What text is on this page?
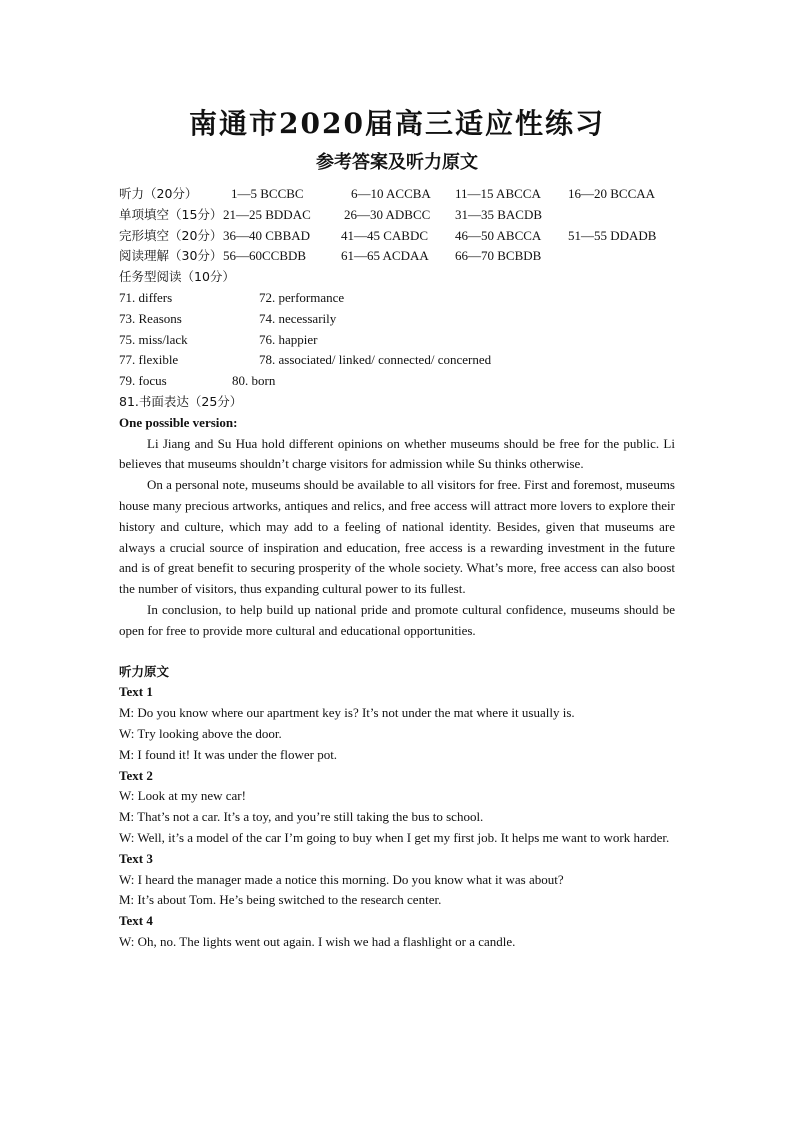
南通市2020届高三适应性练习
参考答案及听力原文
听力（20分）	1—5 BCCBC	6—10 ACCBA 11—15 ABCCA 16—20 BCCAA
单项填空（15分） 21—25 BDDAC	26—30 ADBCC 31—35 BACDB
完形填空（20分） 36—40 CBBAD 41—45 CABDC 46—50 ABCCA 51—55 DDADB
阅读理解（30分） 56—60CCBDB	61—65 ACDAA 66—70 BCBDB
任务型阅读（10分）
71. differs	72. performance
73. Reasons	74. necessarily
75. miss/lack	76. happier
77. flexible	78. associated/ linked/ connected/ concerned
79. focus	80. born
81.书面表达（25分）
One possible version:

Li Jiang and Su Hua hold different opinions on whether museums should be free for the public. Li believes that museums shouldn’t charge visitors for admission while Su thinks otherwise.

On a personal note, museums should be available to all visitors for free. First and foremost, museums house many precious artworks, antiques and relics, and free access will attract more lovers to explore their history and culture, which may add to a feeling of national identity. Besides, given that museums are always a crucial source of inspiration and education, free access is a rewarding investment in the future and is of great benefit to securing prosperity of the whole society. What’s more, free access can also boost the number of visitors, thus expanding cultural power to its fullest.

In conclusion, to help build up national pride and promote cultural confidence, museums should be open for free to provide more cultural and educational opportunities.

听力原文
Text 1

M: Do you know where our apartment key is? It’s not under the mat where it usually is.

W: Try looking above the door.

M: I found it! It was under the flower pot.

Text 2

W: Look at my new car!

M: That’s not a car. It’s a toy, and you’re still taking the bus to school.

W: Well, it’s a model of the car I’m going to buy when I get my first job. It helps me want to work harder.

Text 3

W: I heard the manager made a notice this morning. Do you know what it was about?

M: It’s about Tom. He’s being switched to the research center.

Text 4

W: Oh, no. The lights went out again. I wish we had a flashlight or a candle.
